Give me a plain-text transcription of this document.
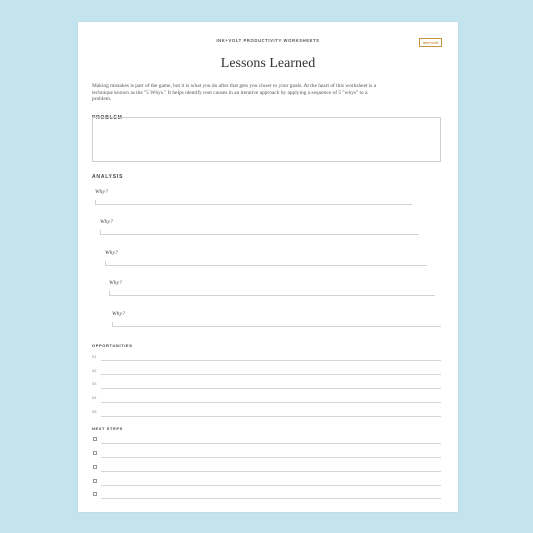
INK+VOLT PRODUCTIVITY WORKSHEETS	ink+volt
Lessons Learned
Making mistakes is part of the game, but it is what you do after that gets you closer to your goals. At the heart of this worksheet is a technique known as the "5 Whys." It helps identify root causes in an iterative approach by applying a sequence of 5 "whys" to a problem.
PROBLEM
ANALYSIS
Why?
Why?
Why?
Why?
Why?
OPPORTUNITIES
01
02
03
04
05
NEXT STEPS
